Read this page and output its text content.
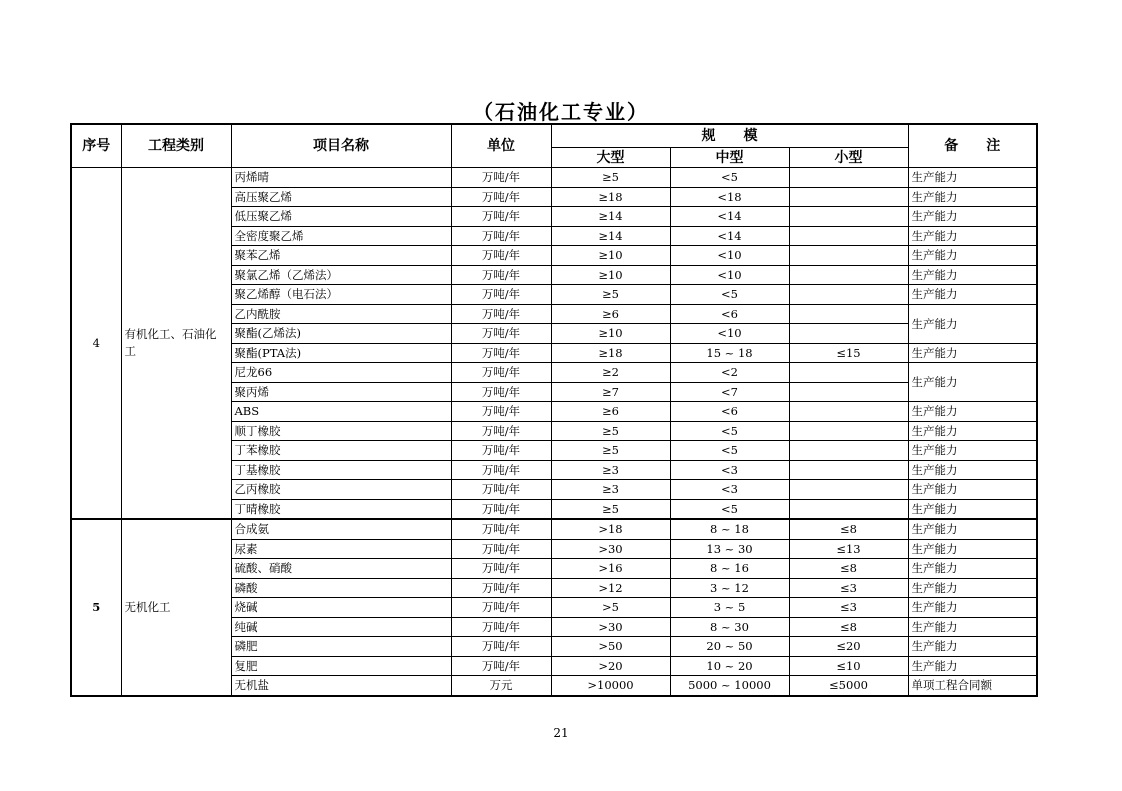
（石油化工专业）
序号	工程类别	项目名称	单位	规　　模			备　　注
				大型	中型	小型	
4	有机化工、石油化工	丙烯晴	万吨/年	≥5	<5		生产能力
		高压聚乙烯	万吨/年	≥18	<18		生产能力
		低压聚乙烯	万吨/年	≥14	<14		生产能力
		全密度聚乙烯	万吨/年	≥14	<14		生产能力
		聚苯乙烯	万吨/年	≥10	<10		生产能力
		聚氯乙烯（乙烯法）	万吨/年	≥10	<10		生产能力
		聚乙烯醇（电石法）	万吨/年	≥5	<5		生产能力
		乙内酰胺	万吨/年	≥6	<6		生产能力
		聚酯(乙烯法)	万吨/年	≥10	<10		
		聚酯(PTA法)	万吨/年	≥18	15 ~ 18	≤15	生产能力
		尼龙66	万吨/年	≥2	<2		生产能力
		聚丙烯	万吨/年	≥7	<7		
		ABS	万吨/年	≥6	<6		生产能力
		顺丁橡胶	万吨/年	≥5	<5		生产能力
		丁苯橡胶	万吨/年	≥5	<5		生产能力
		丁基橡胶	万吨/年	≥3	<3		生产能力
		乙丙橡胶	万吨/年	≥3	<3		生产能力
		丁晴橡胶	万吨/年	≥5	<5		生产能力
5	无机化工	合成氨	万吨/年	>18	8 ~ 18	≤8	生产能力
		尿素	万吨/年	>30	13 ~ 30	≤13	生产能力
		硫酸、硝酸	万吨/年	>16	8 ~ 16	≤8	生产能力
		磷酸	万吨/年	>12	3 ~ 12	≤3	生产能力
		烧碱	万吨/年	>5	3 ~ 5	≤3	生产能力
		纯碱	万吨/年	>30	8 ~ 30	≤8	生产能力
		磷肥	万吨/年	>50	20 ~ 50	≤20	生产能力
		复肥	万吨/年	>20	10 ~ 20	≤10	生产能力
		无机盐	万元	>10000	5000 ~ 10000	≤5000	单项工程合同额
21
